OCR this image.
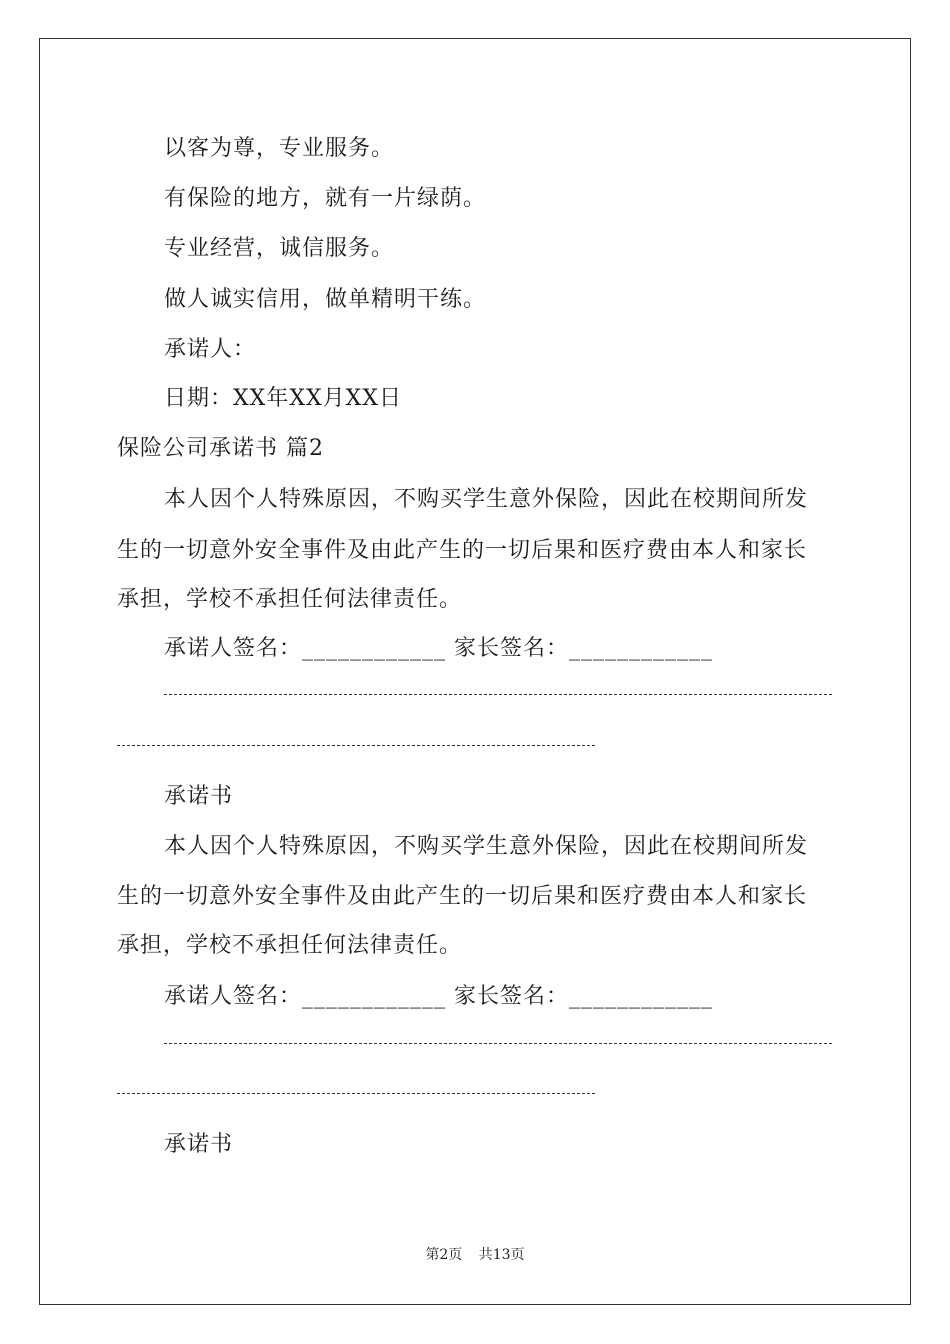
以客为尊，专业服务。
有保险的地方，就有一片绿荫。
专业经营，诚信服务。
做人诚实信用，做单精明干练。
承诺人：
日期：XX年XX月XX日
保险公司承诺书 篇2
本人因个人特殊原因，不购买学生意外保险，因此在校期间所发
生的一切意外安全事件及由此产生的一切后果和医疗费由本人和家长
承担，学校不承担任何法律责任。
承诺人签名：____________ 家长签名：____________
承诺书
本人因个人特殊原因，不购买学生意外保险，因此在校期间所发
生的一切意外安全事件及由此产生的一切后果和医疗费由本人和家长
承担，学校不承担任何法律责任。
承诺人签名：____________ 家长签名：____________
承诺书
第2页 共13页
